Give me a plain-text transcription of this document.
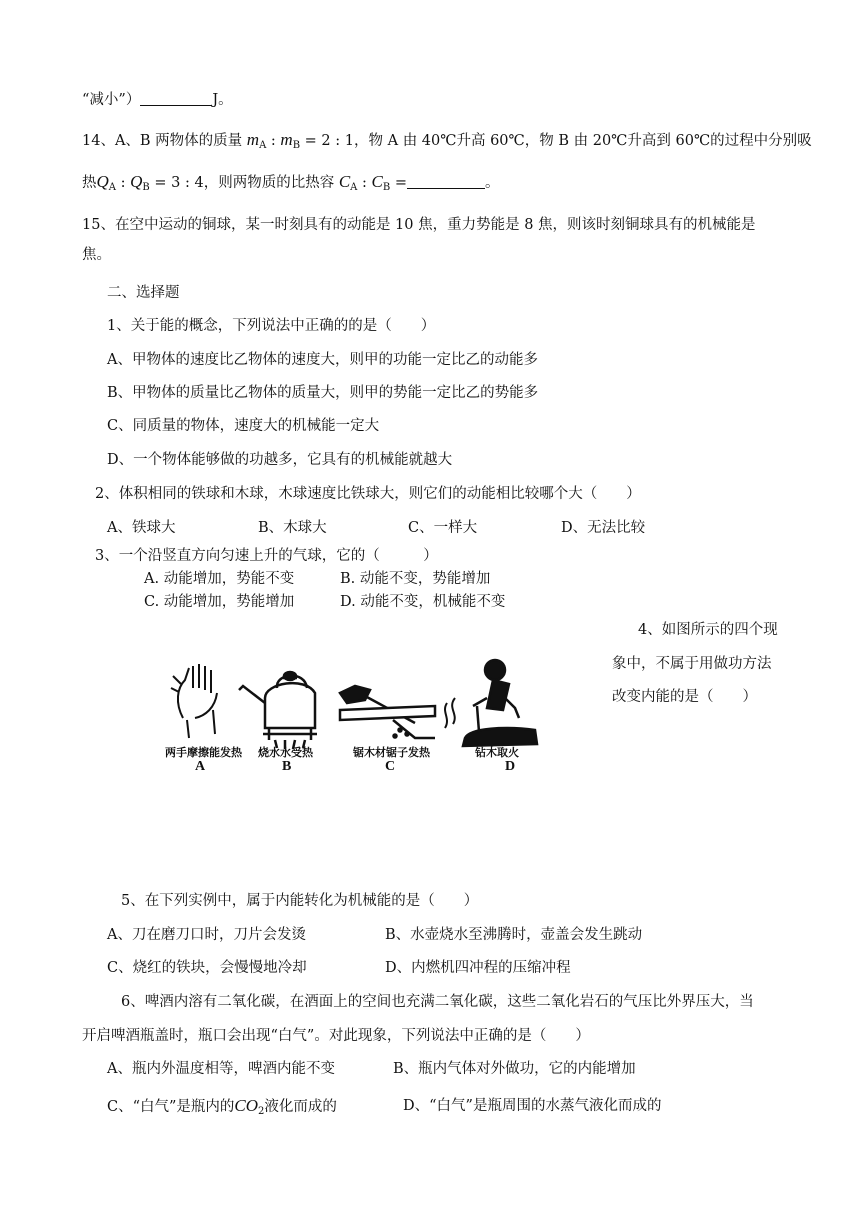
“减小”）	J。
14、A、B 两物体的质量 $m_A$ : $m_B = 2$ : 1，物 A 由 40℃升高 60℃，物 B 由 20℃升高到 60℃的过程中分别吸
热$Q_A$ : $Q_B = 3$ : 4，则两物质的比热容 $C_A$ : $C_B$ =	。
15、在空中运动的铜球，某一时刻具有的动能是 10 焦，重力势能是 8 焦，则该时刻铜球具有的机械能是
焦。
二、选择题
1、关于能的概念，下列说法中正确的的是（　　）
A、甲物体的速度比乙物体的速度大，则甲的功能一定比乙的动能多
B、甲物体的质量比乙物体的质量大，则甲的势能一定比乙的势能多
C、同质量的物体，速度大的机械能一定大
D、一个物体能够做的功越多，它具有的机械能就越大
2、体积相同的铁球和木球，木球速度比铁球大，则它们的动能相比较哪个大（　　）
A、铁球大	B、木球大	C、一样大	D、无法比较
3、一个沿竖直方向匀速上升的气球，它的（　　　）
A. 动能增加，势能不变	B. 动能不变，势能增加
C. 动能增加，势能增加	D. 动能不变，机械能不变
4、如图所示的四个现
象中，不属于用做功方法
改变内能的是（　　）
两手摩擦能发热 烧水水受热	锯木材锯子发热	钻木取火
A	B	C	D
5、在下列实例中，属于内能转化为机械能的是（　　）
A、刀在磨刀口时，刀片会发烫	B、水壶烧水至沸腾时，壶盖会发生跳动
C、烧红的铁块，会慢慢地冷却	D、内燃机四冲程的压缩冲程
6、啤酒内溶有二氧化碳，在酒面上的空间也充满二氧化碳，这些二氧化岩石的气压比外界压大，当
开启啤酒瓶盖时，瓶口会出现“白气”。对此现象，下列说法中正确的是（　　）
A、瓶内外温度相等，啤酒内能不变	B、瓶内气体对外做功，它的内能增加
C、“白气”是瓶内的$CO_2$液化而成的	D、“白气”是瓶周围的水蒸气液化而成的
